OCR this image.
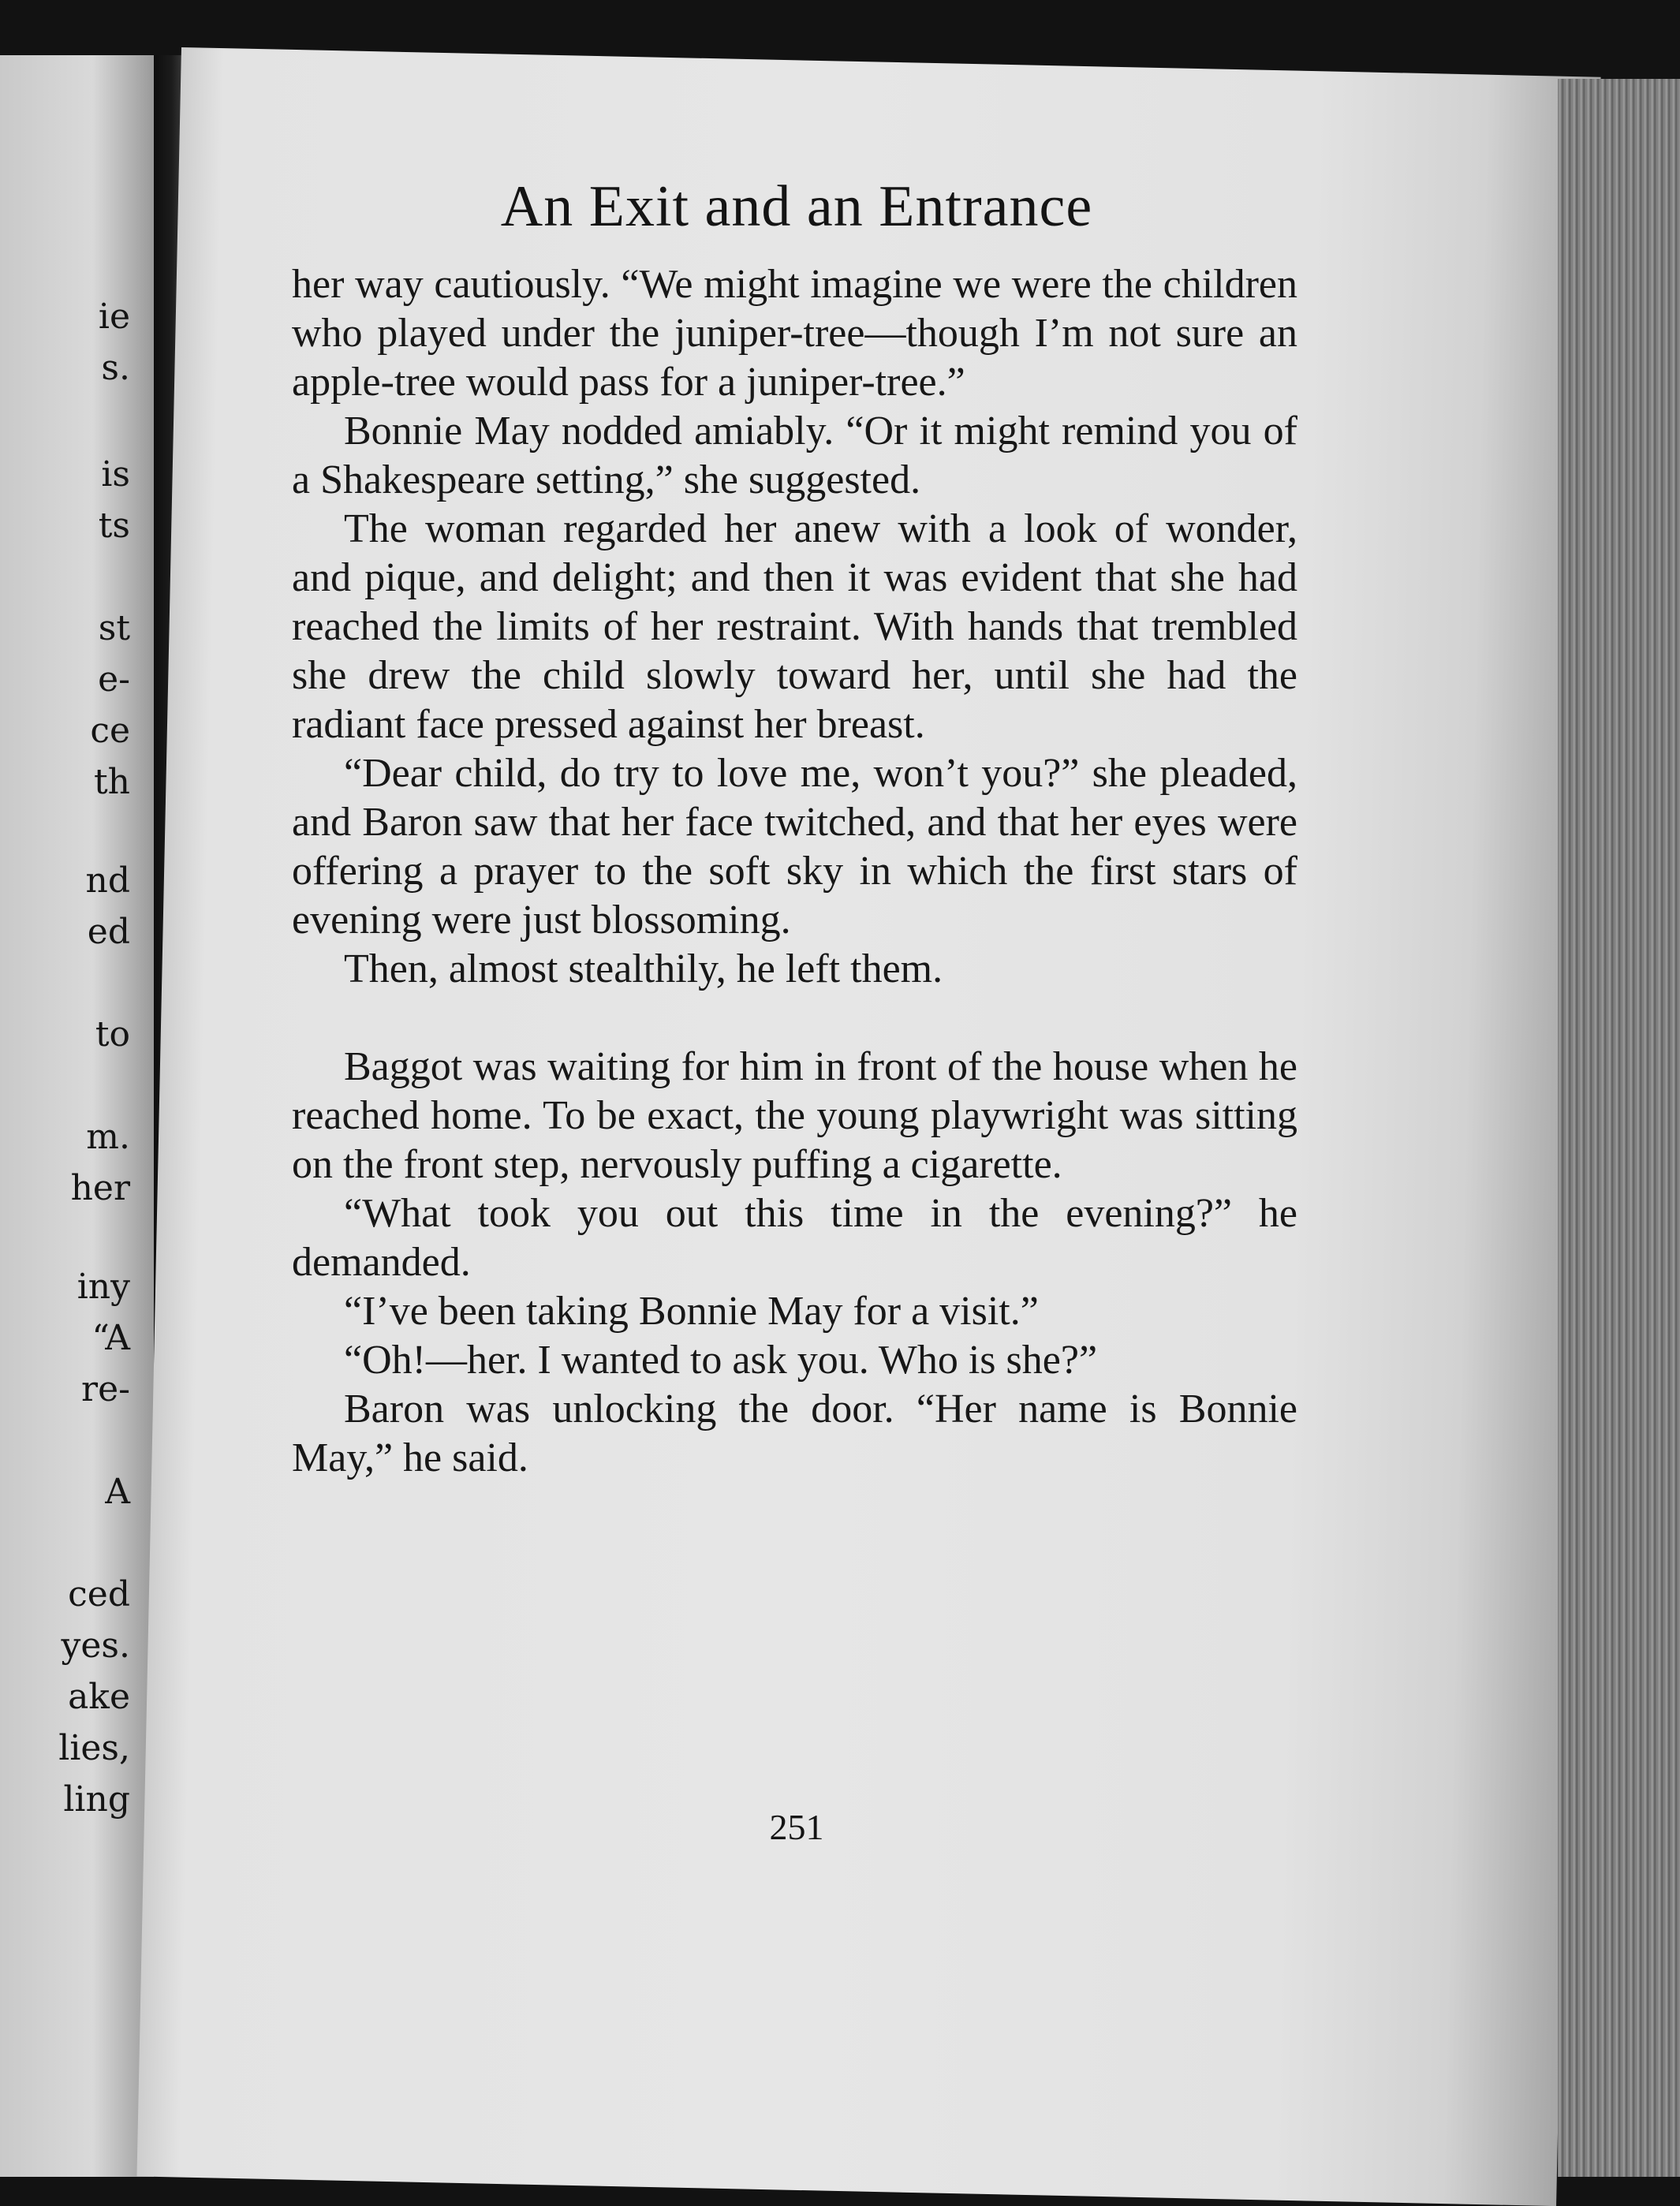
ie
s.
is
ts
st
e-
ce
th
nd
ed
to
m.
her
iny
“A
re-
A
ced
yes.
ake
lies,
ling
An Exit and an Entrance

her way cautiously. “We might imagine we were the children who played under the juniper-tree—though I’m not sure an apple-tree would pass for a juniper-tree.”

Bonnie May nodded amiably. “Or it might remind you of a Shakespeare setting,” she suggested.

The woman regarded her anew with a look of wonder, and pique, and delight; and then it was evident that she had reached the limits of her restraint. With hands that trembled she drew the child slowly toward her, until she had the radiant face pressed against her breast.

“Dear child, do try to love me, won’t you?” she pleaded, and Baron saw that her face twitched, and that her eyes were offering a prayer to the soft sky in which the first stars of evening were just blossoming.

Then, almost stealthily, he left them.

Baggot was waiting for him in front of the house when he reached home. To be exact, the young playwright was sitting on the front step, nervously puffing a cigarette.

“What took you out this time in the evening?” he demanded.

“I’ve been taking Bonnie May for a visit.”

“Oh!—her. I wanted to ask you. Who is she?”

Baron was unlocking the door. “Her name is Bonnie May,” he said.

251
